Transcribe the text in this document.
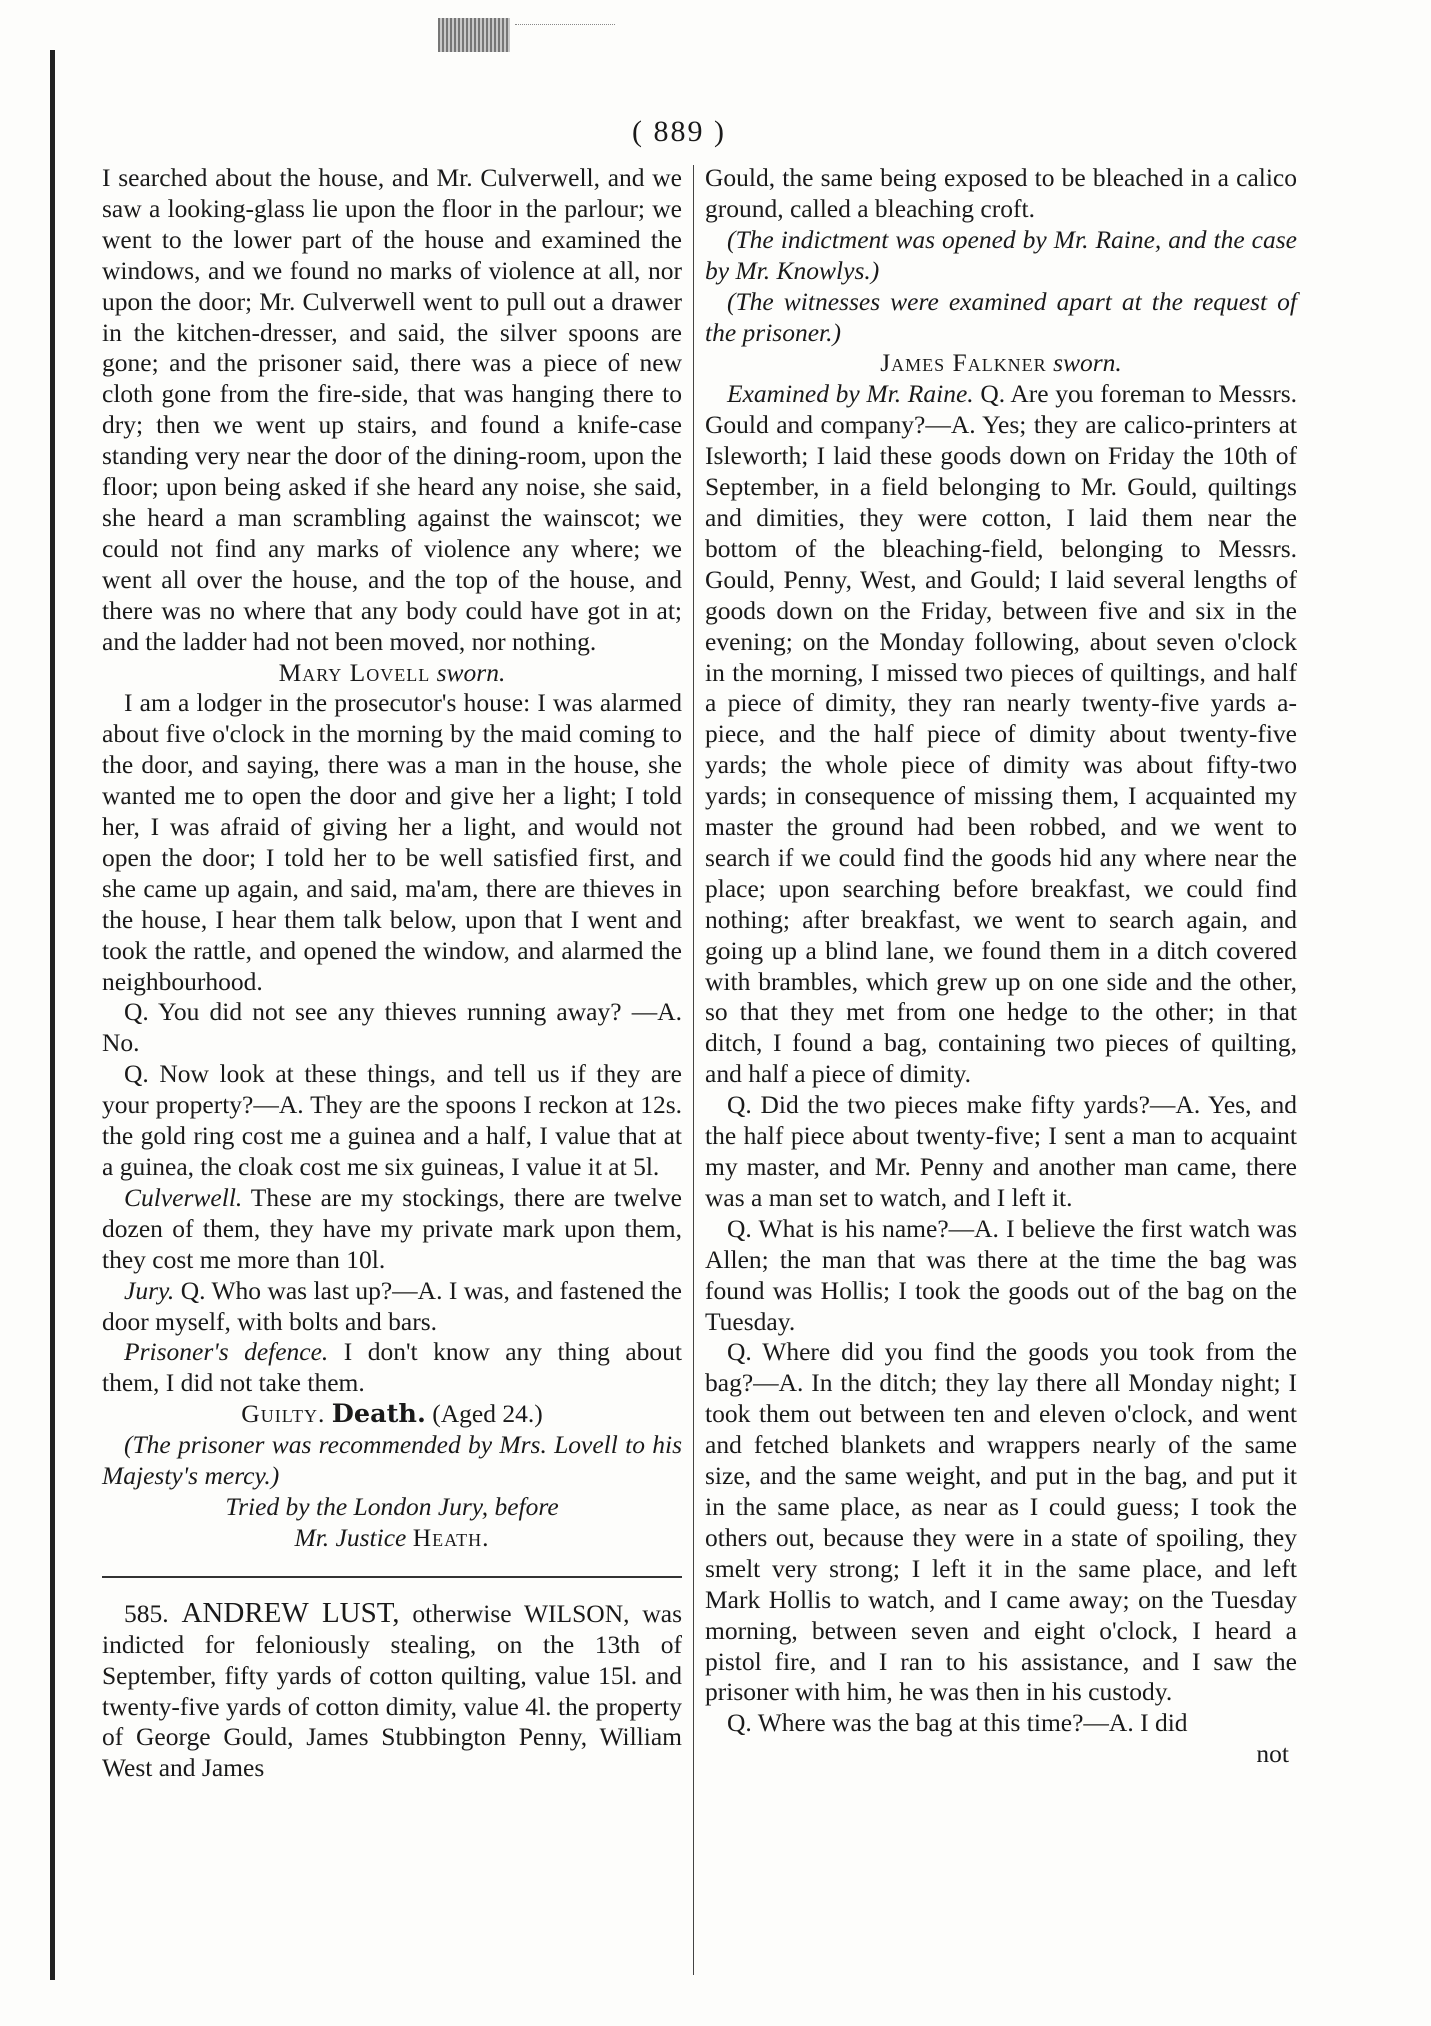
( 889 )

I searched about the house, and Mr. Culverwell, and we saw a looking-glass lie upon the floor in the parlour; we went to the lower part of the house and examined the windows, and we found no marks of violence at all, nor upon the door; Mr. Culverwell went to pull out a drawer in the kitchen-dresser, and said, the silver spoons are gone; and the prisoner said, there was a piece of new cloth gone from the fire-side, that was hanging there to dry; then we went up stairs, and found a knife-case standing very near the door of the dining-room, upon the floor; upon being asked if she heard any noise, she said, she heard a man scrambling against the wainscot; we could not find any marks of violence any where; we went all over the house, and the top of the house, and there was no where that any body could have got in at; and the ladder had not been moved, nor nothing.

Mary Lovell sworn.

I am a lodger in the prosecutor's house: I was alarmed about five o'clock in the morning by the maid coming to the door, and saying, there was a man in the house, she wanted me to open the door and give her a light; I told her, I was afraid of giving her a light, and would not open the door; I told her to be well satisfied first, and she came up again, and said, ma'am, there are thieves in the house, I hear them talk below, upon that I went and took the rattle, and opened the window, and alarmed the neighbourhood.

Q. You did not see any thieves running away? —A. No.

Q. Now look at these things, and tell us if they are your property?—A. They are the spoons I reckon at 12s. the gold ring cost me a guinea and a half, I value that at a guinea, the cloak cost me six guineas, I value it at 5l.

Culverwell. These are my stockings, there are twelve dozen of them, they have my private mark upon them, they cost me more than 10l.

Jury. Q. Who was last up?—A. I was, and fastened the door myself, with bolts and bars.

Prisoner's defence. I don't know any thing about them, I did not take them.

Guilty. Death. (Aged 24.)

(The prisoner was recommended by Mrs. Lovell to his Majesty's mercy.)

Tried by the London Jury, before

Mr. Justice Heath.

585. ANDREW LUST, otherwise WILSON, was indicted for feloniously stealing, on the 13th of September, fifty yards of cotton quilting, value 15l. and twenty-five yards of cotton dimity, value 4l. the property of George Gould, James Stubbington Penny, William West and James

Gould, the same being exposed to be bleached in a calico ground, called a bleaching croft.

(The indictment was opened by Mr. Raine, and the case by Mr. Knowlys.)

(The witnesses were examined apart at the request of the prisoner.)

James Falkner sworn.

Examined by Mr. Raine. Q. Are you foreman to Messrs. Gould and company?—A. Yes; they are calico-printers at Isleworth; I laid these goods down on Friday the 10th of September, in a field belonging to Mr. Gould, quiltings and dimities, they were cotton, I laid them near the bottom of the bleaching-field, belonging to Messrs. Gould, Penny, West, and Gould; I laid several lengths of goods down on the Friday, between five and six in the evening; on the Monday following, about seven o'clock in the morning, I missed two pieces of quiltings, and half a piece of dimity, they ran nearly twenty-five yards a-piece, and the half piece of dimity about twenty-five yards; the whole piece of dimity was about fifty-two yards; in consequence of missing them, I acquainted my master the ground had been robbed, and we went to search if we could find the goods hid any where near the place; upon searching before breakfast, we could find nothing; after breakfast, we went to search again, and going up a blind lane, we found them in a ditch covered with brambles, which grew up on one side and the other, so that they met from one hedge to the other; in that ditch, I found a bag, containing two pieces of quilting, and half a piece of dimity.

Q. Did the two pieces make fifty yards?—A. Yes, and the half piece about twenty-five; I sent a man to acquaint my master, and Mr. Penny and another man came, there was a man set to watch, and I left it.

Q. What is his name?—A. I believe the first watch was Allen; the man that was there at the time the bag was found was Hollis; I took the goods out of the bag on the Tuesday.

Q. Where did you find the goods you took from the bag?—A. In the ditch; they lay there all Monday night; I took them out between ten and eleven o'clock, and went and fetched blankets and wrappers nearly of the same size, and the same weight, and put in the bag, and put it in the same place, as near as I could guess; I took the others out, because they were in a state of spoiling, they smelt very strong; I left it in the same place, and left Mark Hollis to watch, and I came away; on the Tuesday morning, between seven and eight o'clock, I heard a pistol fire, and I ran to his assistance, and I saw the prisoner with him, he was then in his custody.

Q. Where was the bag at this time?—A. I did

not
